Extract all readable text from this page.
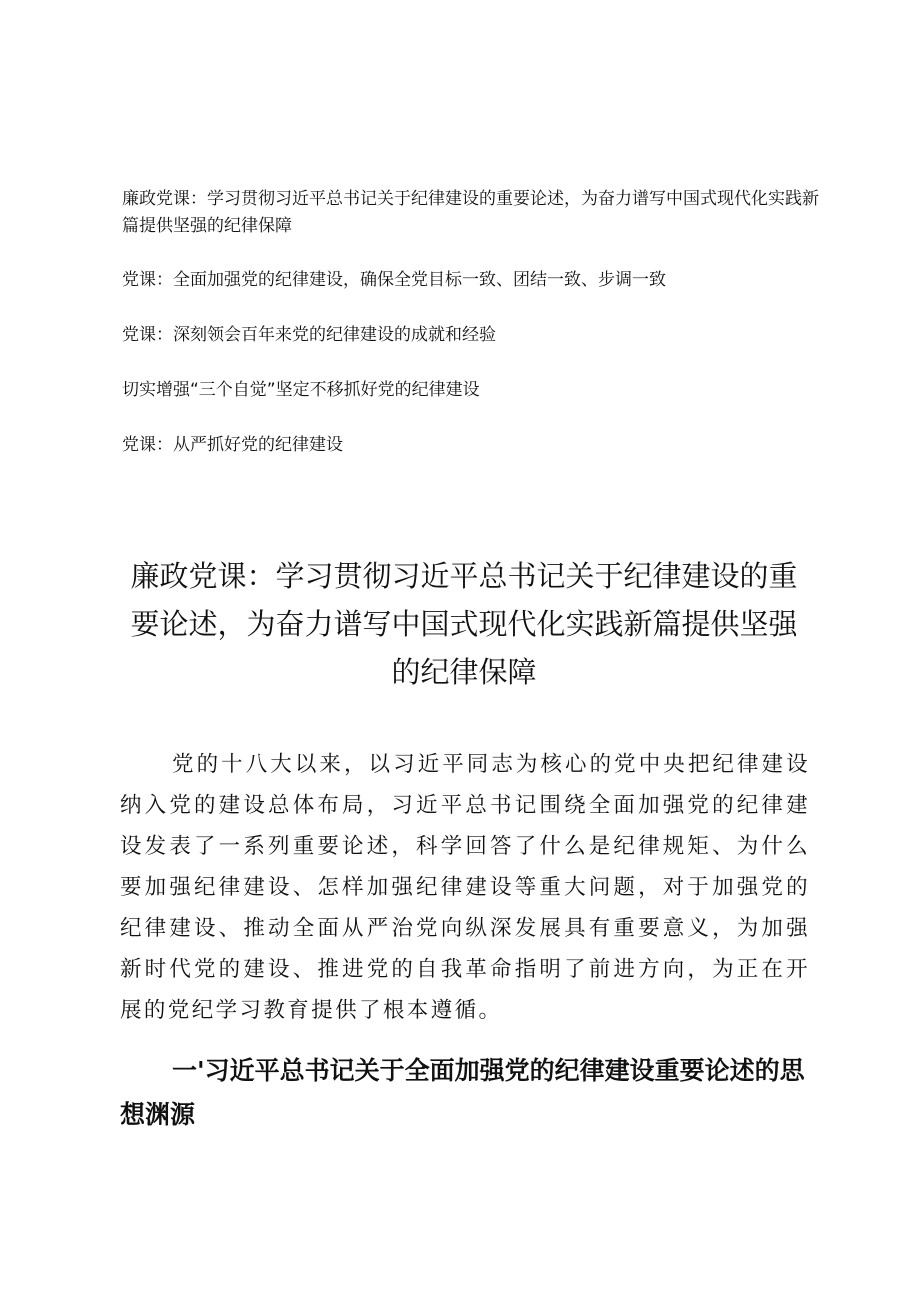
廉政党课：学习贯彻习近平总书记关于纪律建设的重要论述，为奋力谱写中国式现代化实践新篇提供坚强的纪律保障
党课：全面加强党的纪律建设，确保全党目标一致、团结一致、步调一致
党课：深刻领会百年来党的纪律建设的成就和经验
切实增强“三个自觉”坚定不移抓好党的纪律建设
党课：从严抓好党的纪律建设
廉政党课：学习贯彻习近平总书记关于纪律建设的重要论述，为奋力谱写中国式现代化实践新篇提供坚强的纪律保障

党的十八大以来，以习近平同志为核心的党中央把纪律建设纳入党的建设总体布局，习近平总书记围绕全面加强党的纪律建设发表了一系列重要论述，科学回答了什么是纪律规矩、为什么要加强纪律建设、怎样加强纪律建设等重大问题，对于加强党的纪律建设、推动全面从严治党向纵深发展具有重要意义，为加强新时代党的建设、推进党的自我革命指明了前进方向，为正在开展的党纪学习教育提供了根本遵循。

一'习近平总书记关于全面加强党的纪律建设重要论述的思想渊源
